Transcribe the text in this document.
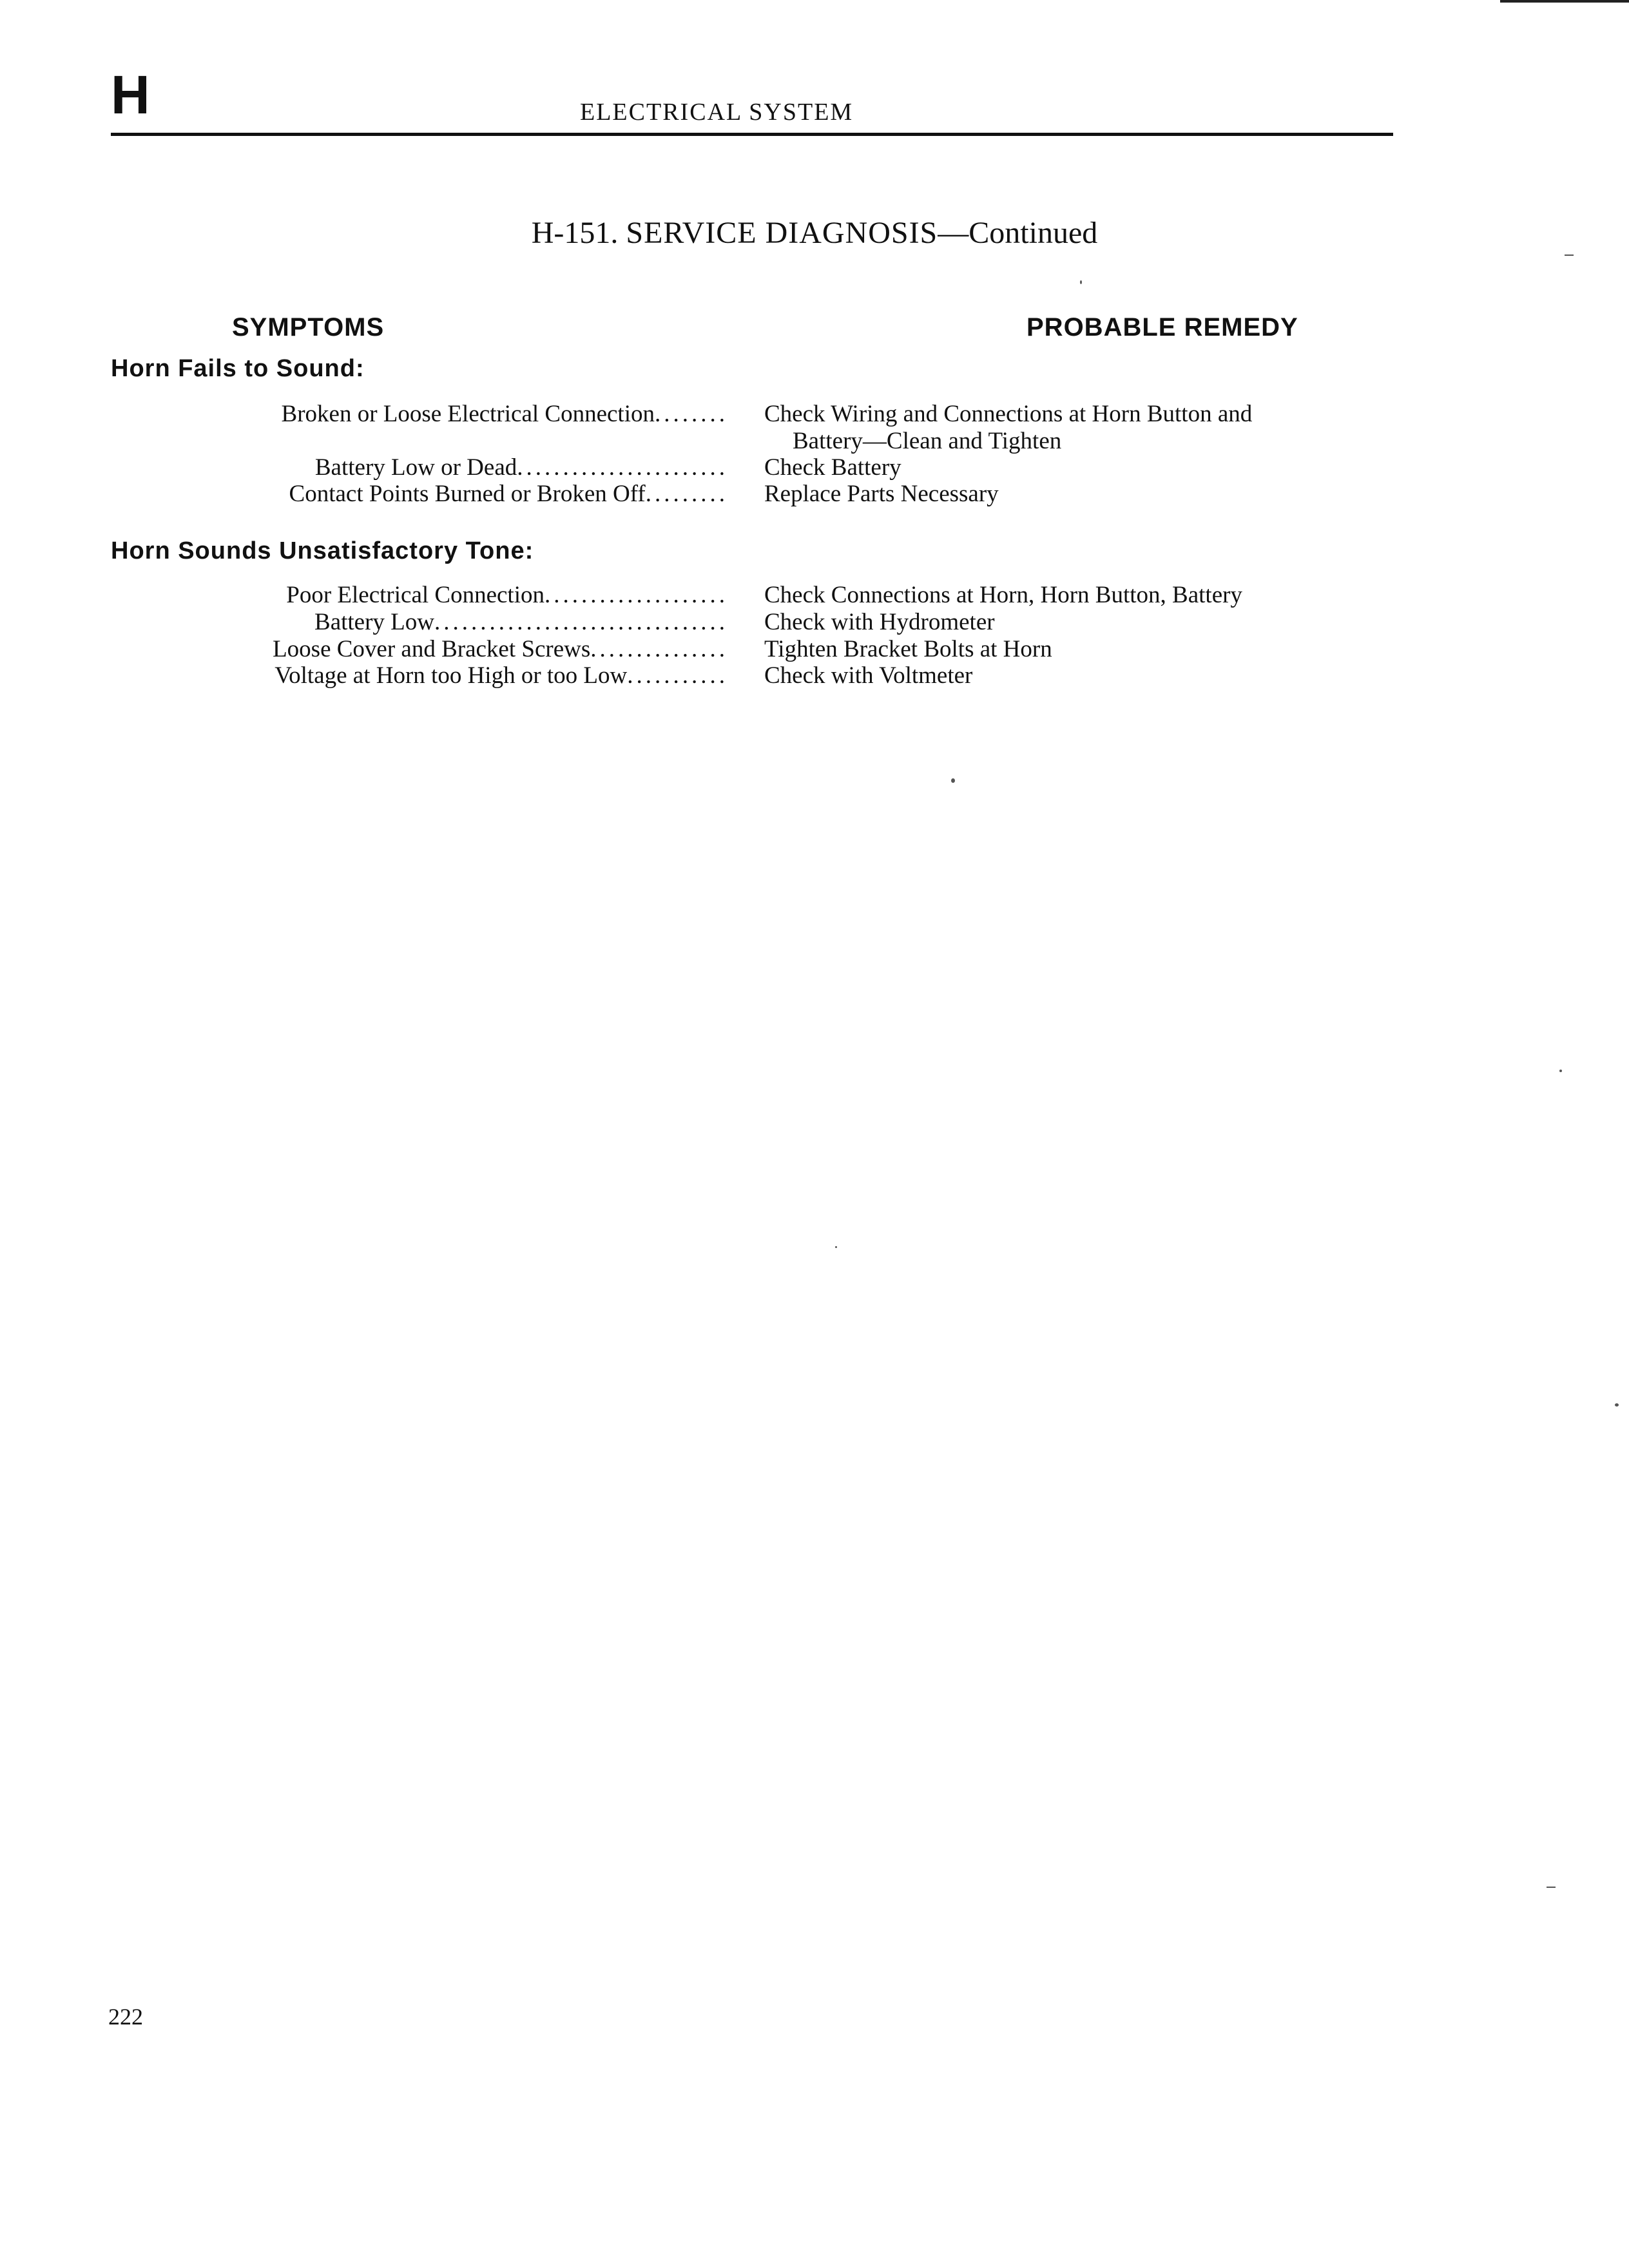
H	ELECTRICAL SYSTEM
H-151. SERVICE DIAGNOSIS—Continued
SYMPTOMS	PROBABLE REMEDY
Horn Fails to Sound:
Broken or Loose Electrical Connection........ Check Wiring and Connections at Horn Button and
Battery—Clean and Tighten
Battery Low or Dead....................... Check Battery
Contact Points Burned or Broken Off......... Replace Parts Necessary
Horn Sounds Unsatisfactory Tone:
Poor Electrical Connection.................... Check Connections at Horn, Horn Button, Battery
Battery Low................................ Check with Hydrometer
Loose Cover and Bracket Screws............... Tighten Bracket Bolts at Horn
Voltage at Horn too High or too Low........... Check with Voltmeter
222
